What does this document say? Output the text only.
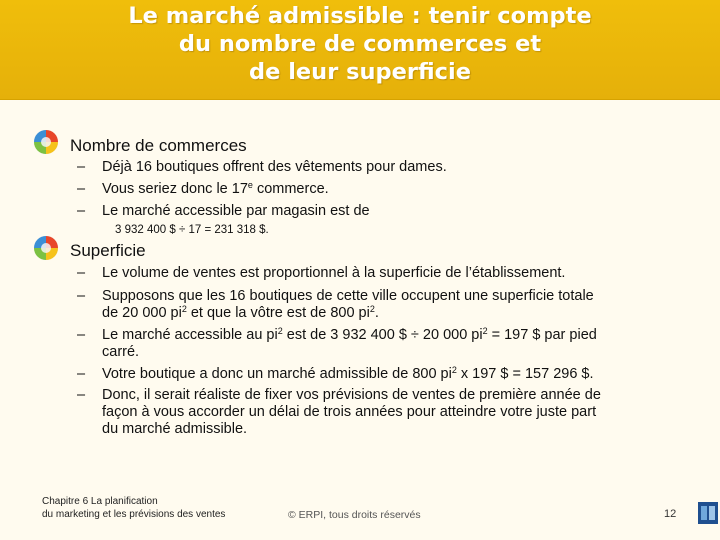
Le marché admissible : tenir compte
du nombre de commerces et
de leur superficie
Nombre de commerces
– Déjà 16 boutiques offrent des vêtements pour dames.
– Vous seriez donc le 17e commerce.
– Le marché accessible par magasin est de
3 932 400 $ ÷ 17 = 231 318 $.
Superficie
– Le volume de ventes est proportionnel à la superficie de l’établissement.
– Supposons que les 16 boutiques de cette ville occupent une superficie totale
de 20 000 $pi^2$ et que la vôtre est de 800 $pi^2$.
– Le marché accessible au $pi^2$ est de 3 932 400 $ ÷ 20 000 $pi^2 = 197$ $ par pied
carré.
– Votre boutique a donc un marché admissible de 800 $pi^2$ x 197 $ = 157 296 $.
– Donc, il serait réaliste de fixer vos prévisions de ventes de première année de
façon à vous accorder un délai de trois années pour atteindre votre juste part
du marché admissible.
Chapitre 6 La planification
du marketing et les prévisions des ventes	© ERPI, tous droits réservés	12
